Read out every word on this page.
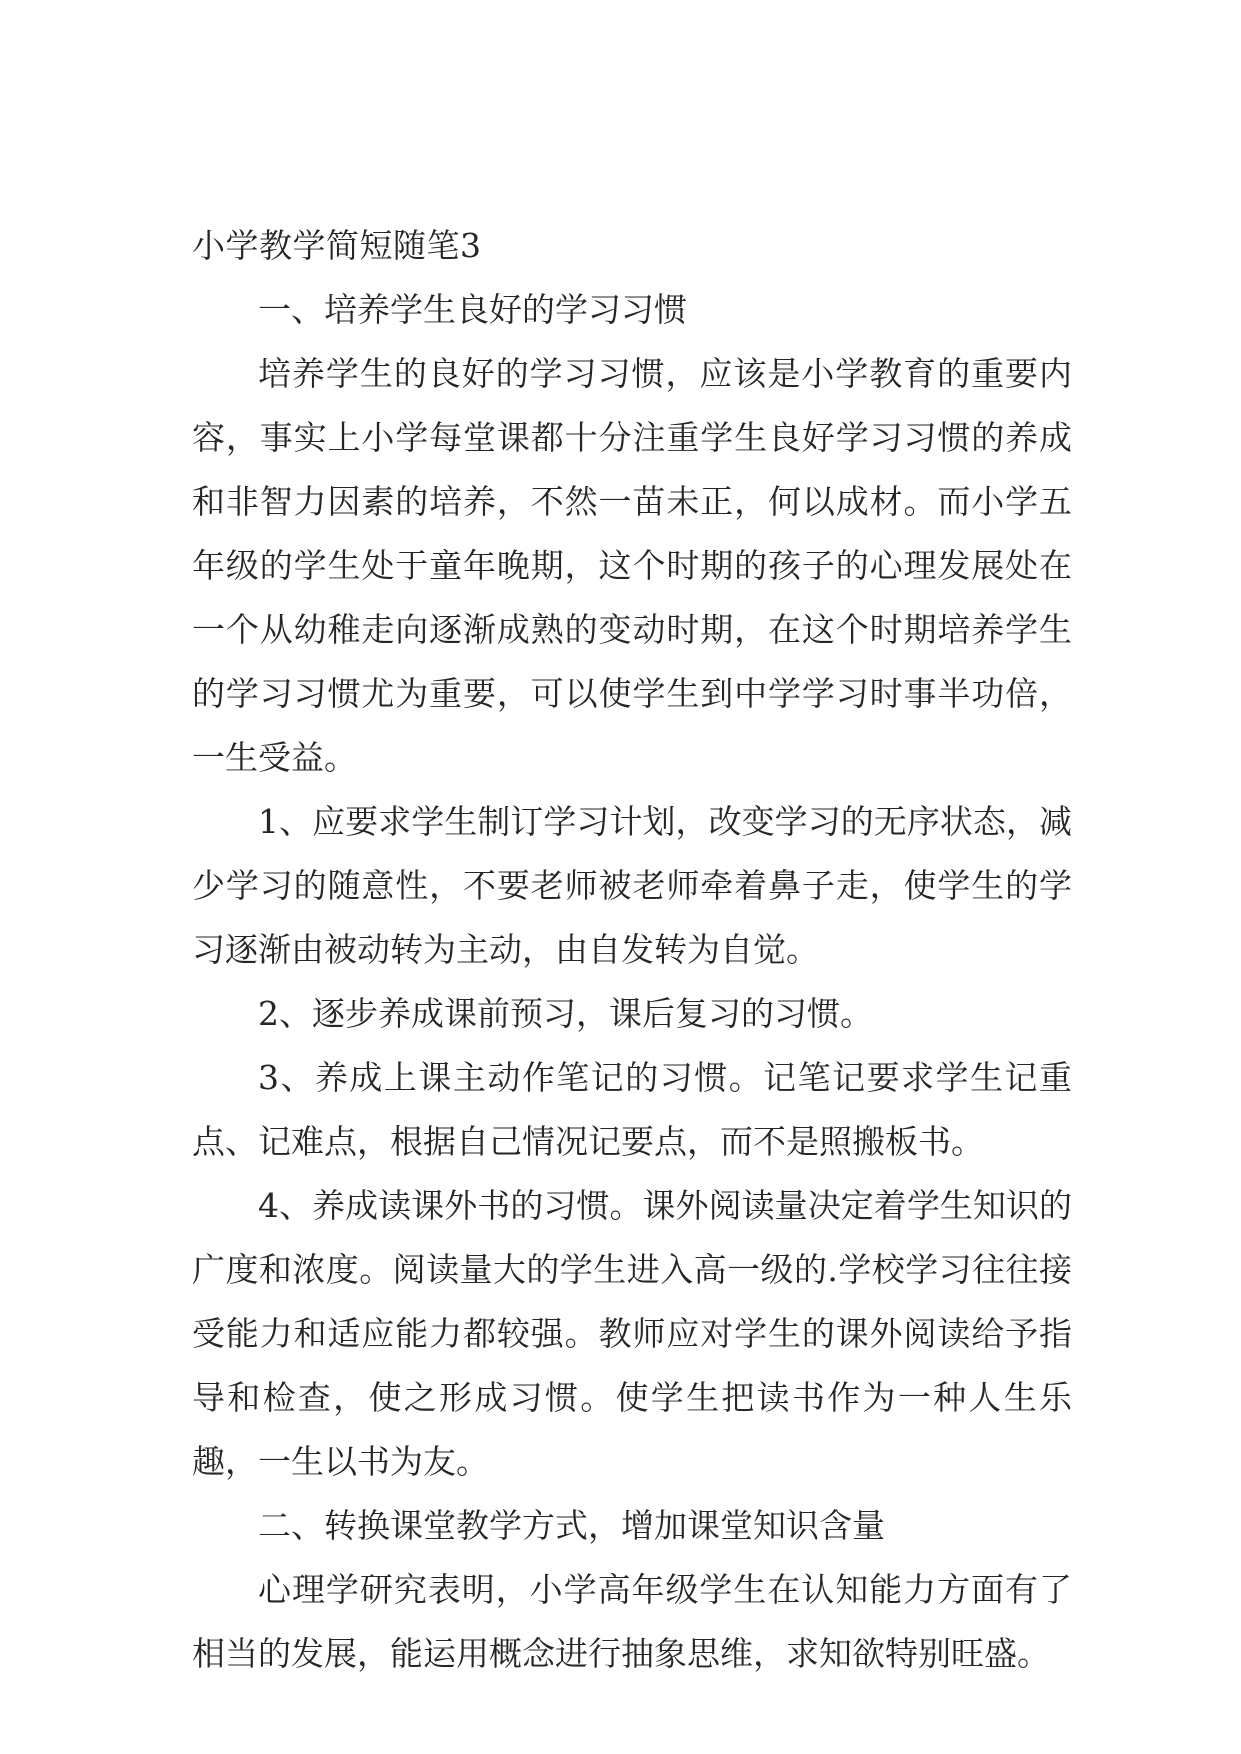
小学教学简短随笔3

一、培养学生良好的学习习惯

培养学生的良好的学习习惯，应该是小学教育的重要内容，事实上小学每堂课都十分注重学生良好学习习惯的养成和非智力因素的培养，不然一苗未正，何以成材。而小学五年级的学生处于童年晚期，这个时期的孩子的心理发展处在一个从幼稚走向逐渐成熟的变动时期，在这个时期培养学生的学习习惯尤为重要，可以使学生到中学学习时事半功倍，一生受益。

1、应要求学生制订学习计划，改变学习的无序状态，减少学习的随意性，不要老师被老师牵着鼻子走，使学生的学习逐渐由被动转为主动，由自发转为自觉。

2、逐步养成课前预习，课后复习的习惯。

3、养成上课主动作笔记的习惯。记笔记要求学生记重点、记难点，根据自己情况记要点，而不是照搬板书。

4、养成读课外书的习惯。课外阅读量决定着学生知识的广度和浓度。阅读量大的学生进入高一级的.学校学习往往接受能力和适应能力都较强。教师应对学生的课外阅读给予指导和检查，使之形成习惯。使学生把读书作为一种人生乐趣，一生以书为友。

二、转换课堂教学方式，增加课堂知识含量

心理学研究表明，小学高年级学生在认知能力方面有了相当的发展，能运用概念进行抽象思维，求知欲特别旺盛。
